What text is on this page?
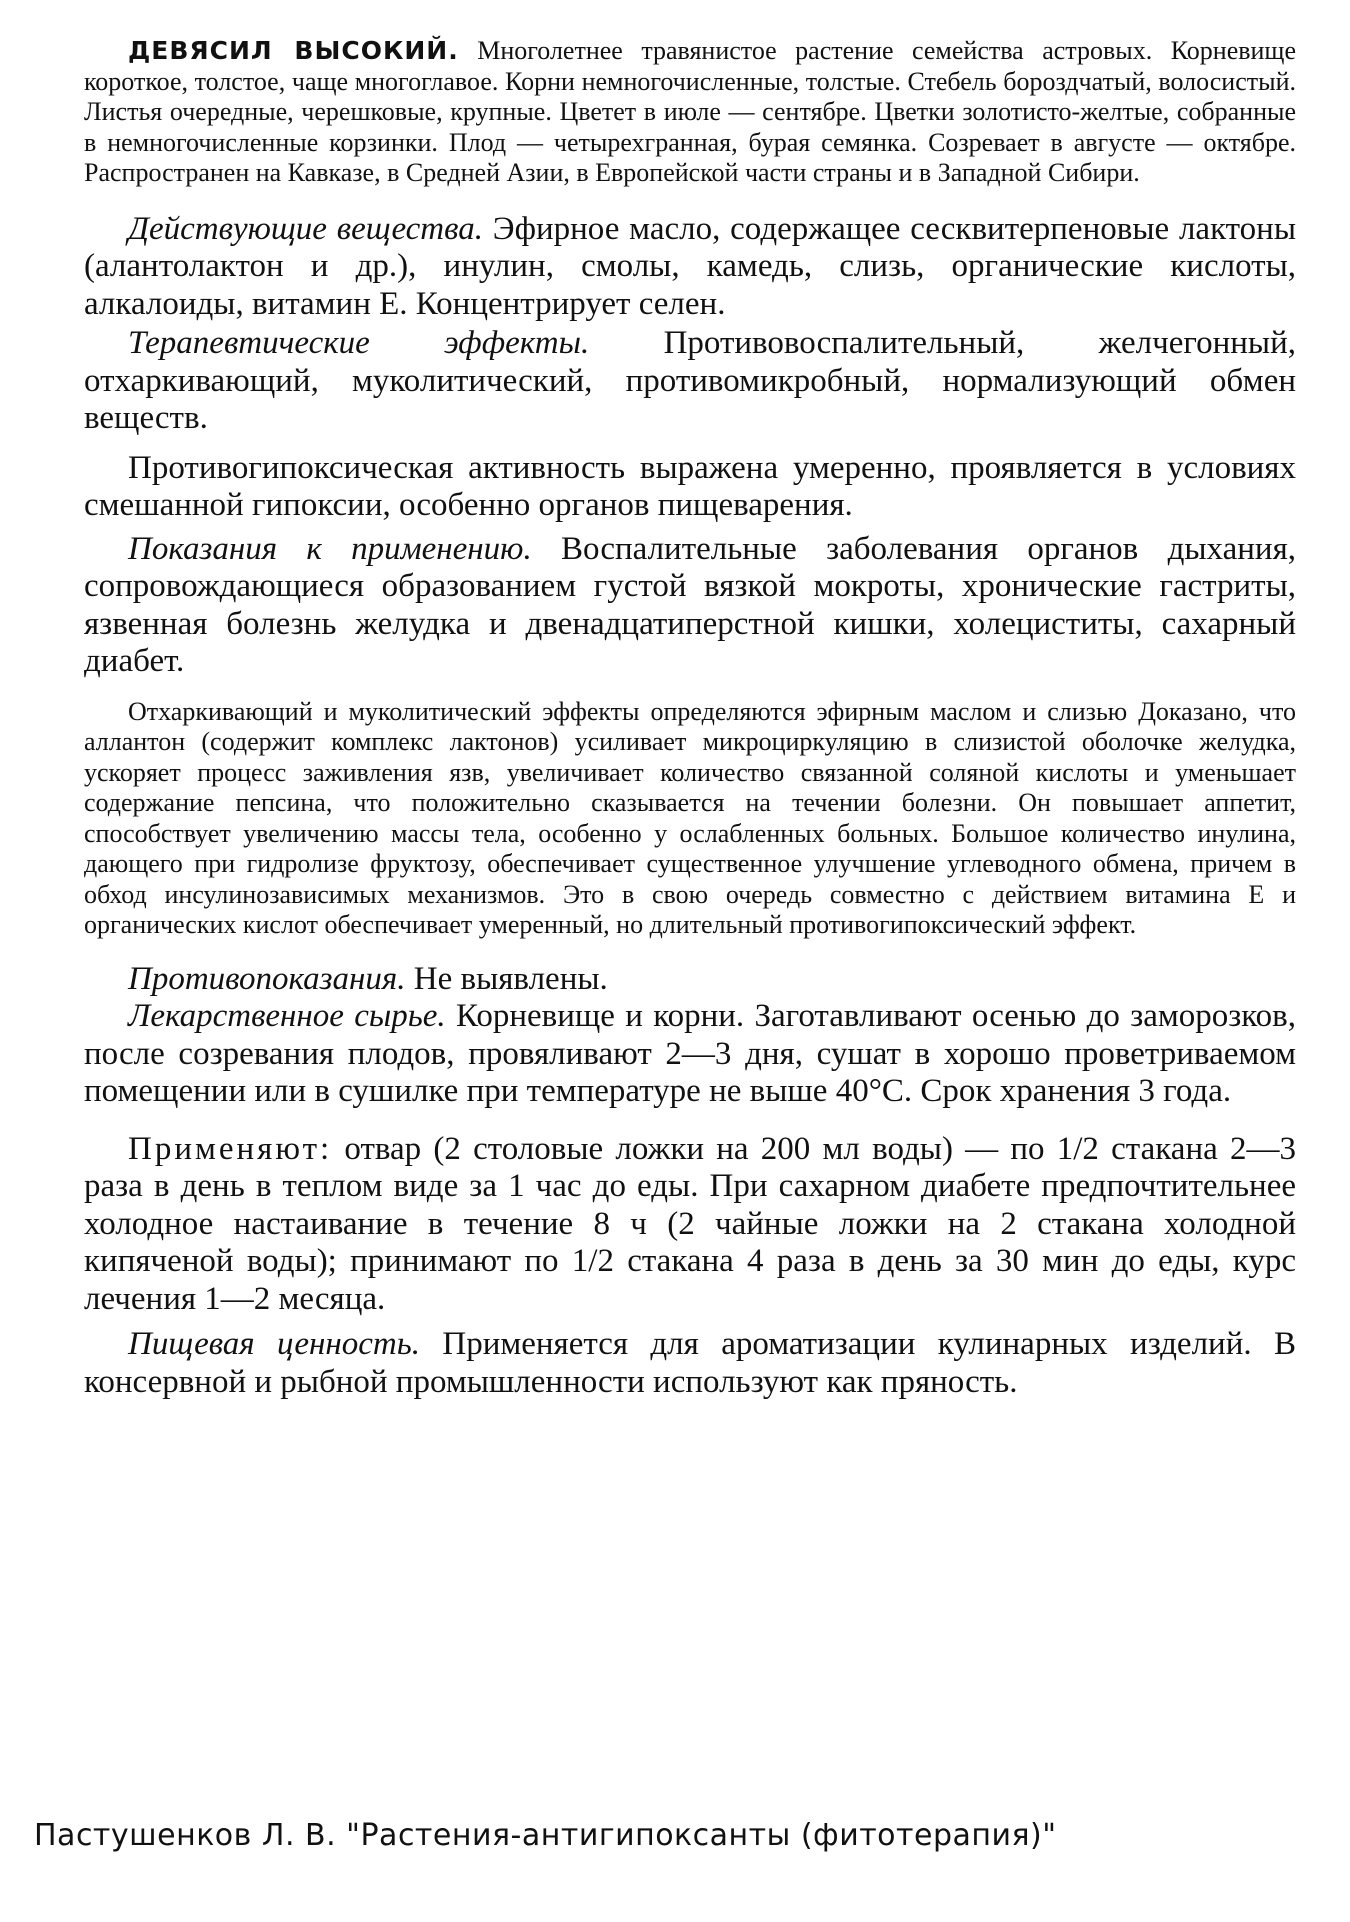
ДЕВЯСИЛ ВЫСОКИЙ. Многолетнее травянистое растение семейства астровых. Корневище короткое, толстое, чаще многоглавое. Корни немногочисленные, толстые. Стебель бороздчатый, волосистый. Листья очередные, черешковые, крупные. Цветет в июле — сентябре. Цветки золотисто-желтые, собранные в немногочисленные корзинки. Плод — четырехгранная, бурая семянка. Созревает в августе — октябре. Распространен на Кавказе, в Средней Азии, в Европейской части страны и в Западной Сибири.

Действующие вещества. Эфирное масло, содержащее сесквитерпеновые лактоны (алантолактон и др.), инулин, смолы, камедь, слизь, органические кислоты, алкалоиды, витамин Е. Концентрирует селен.

Терапевтические эффекты. Противовоспалительный, желчегонный, отхаркивающий, муколитический, противомикробный, нормализующий обмен веществ.

Противогипоксическая активность выражена умеренно, проявляется в условиях смешанной гипоксии, особенно органов пищеварения.

Показания к применению. Воспалительные заболевания органов дыхания, сопровождающиеся образованием густой вязкой мокроты, хронические гастриты, язвенная болезнь желудка и двенадцатиперстной кишки, холециститы, сахарный диабет.

Отхаркивающий и муколитический эффекты определяются эфирным маслом и слизью Доказано, что аллантон (содержит комплекс лактонов) усиливает микроциркуляцию в слизистой оболочке желудка, ускоряет процесс заживления язв, увеличивает количество связанной соляной кислоты и уменьшает содержание пепсина, что положительно сказывается на течении болезни. Он повышает аппетит, способствует увеличению массы тела, особенно у ослабленных больных. Большое количество инулина, дающего при гидролизе фруктозу, обеспечивает существенное улучшение углеводного обмена, причем в обход инсулинозависимых механизмов. Это в свою очередь совместно с действием витамина Е и органических кислот обеспечивает умеренный, но длительный противогипоксический эффект.

Противопоказания. Не выявлены.

Лекарственное сырье. Корневище и корни. Заготавливают осенью до заморозков, после созревания плодов, провяливают 2—3 дня, сушат в хорошо проветриваемом помещении или в сушилке при температуре не выше 40°С. Срок хранения 3 года.

Применяют: отвар (2 столовые ложки на 200 мл воды) — по 1/2 стакана 2—3 раза в день в теплом виде за 1 час до еды. При сахарном диабете предпочтительнее холодное настаивание в течение 8 ч (2 чайные ложки на 2 стакана холодной кипяченой воды); принимают по 1/2 стакана 4 раза в день за 30 мин до еды, курс лечения 1—2 месяца.

Пищевая ценность. Применяется для ароматизации кулинарных изделий. В консервной и рыбной промышленности используют как пряность.

Пастушенков Л. В. "Растения-антигипоксанты (фитотерапия)"
